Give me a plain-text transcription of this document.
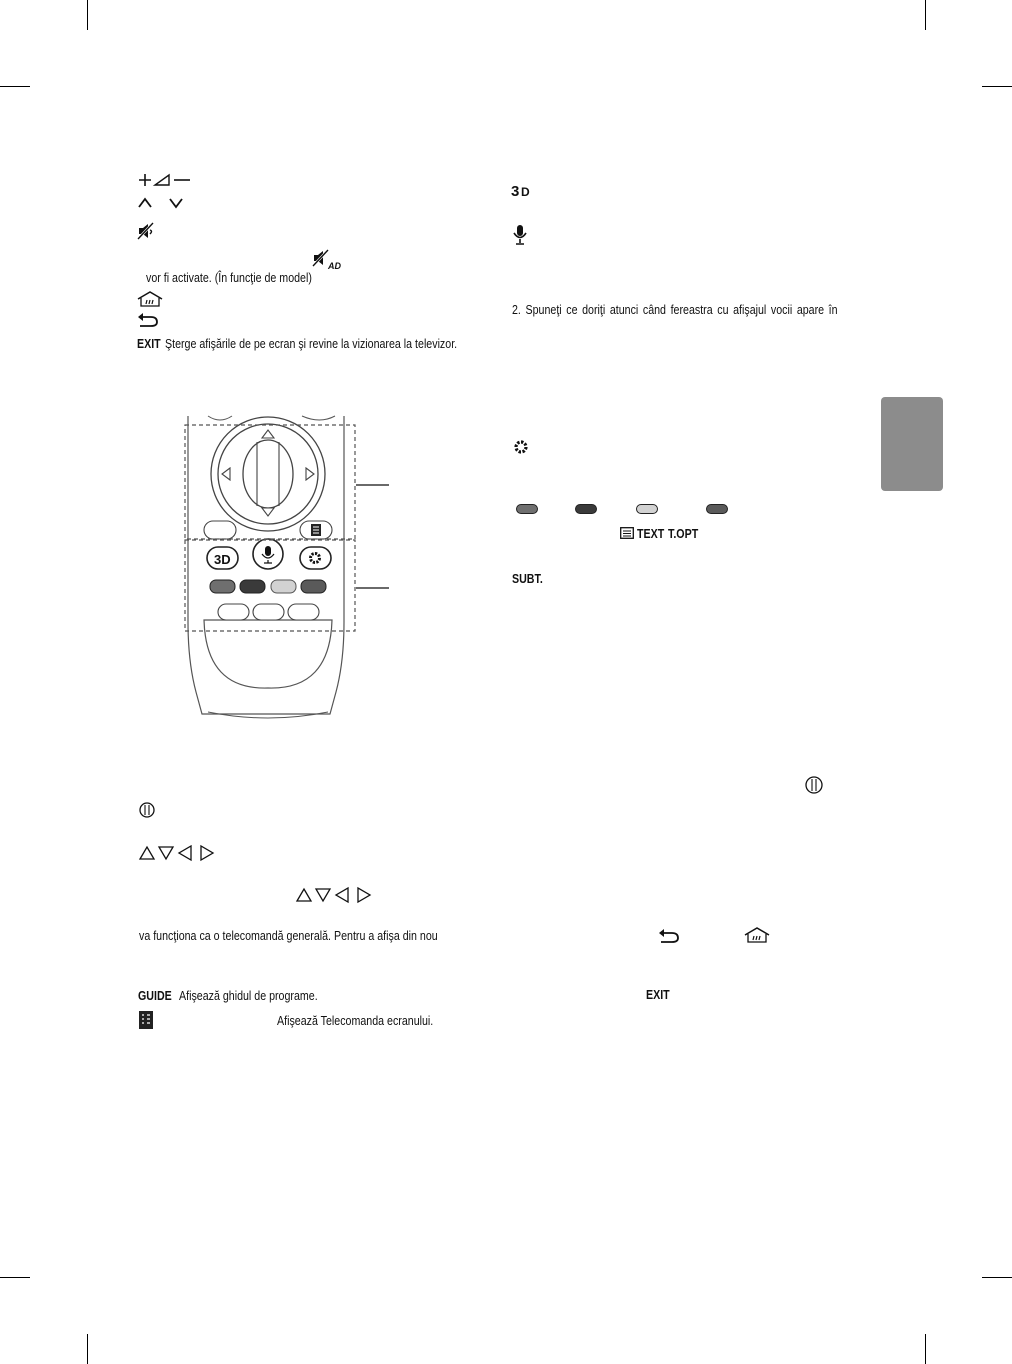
AD
vor fi activate. (În funcţie de model)
EXIT Şterge afişările de pe ecran şi revine la vizionarea la televizor.
3D
va funcţiona ca o telecomandă generală. Pentru a afişa din nou
GUIDE Afişează ghidul de programe.
Afişează Telecomanda ecranului.
3 D
2. Spuneţi ce doriţi atunci când fereastra cu afişajul vocii apare în
TEXT T.OPT
SUBT.
EXIT
